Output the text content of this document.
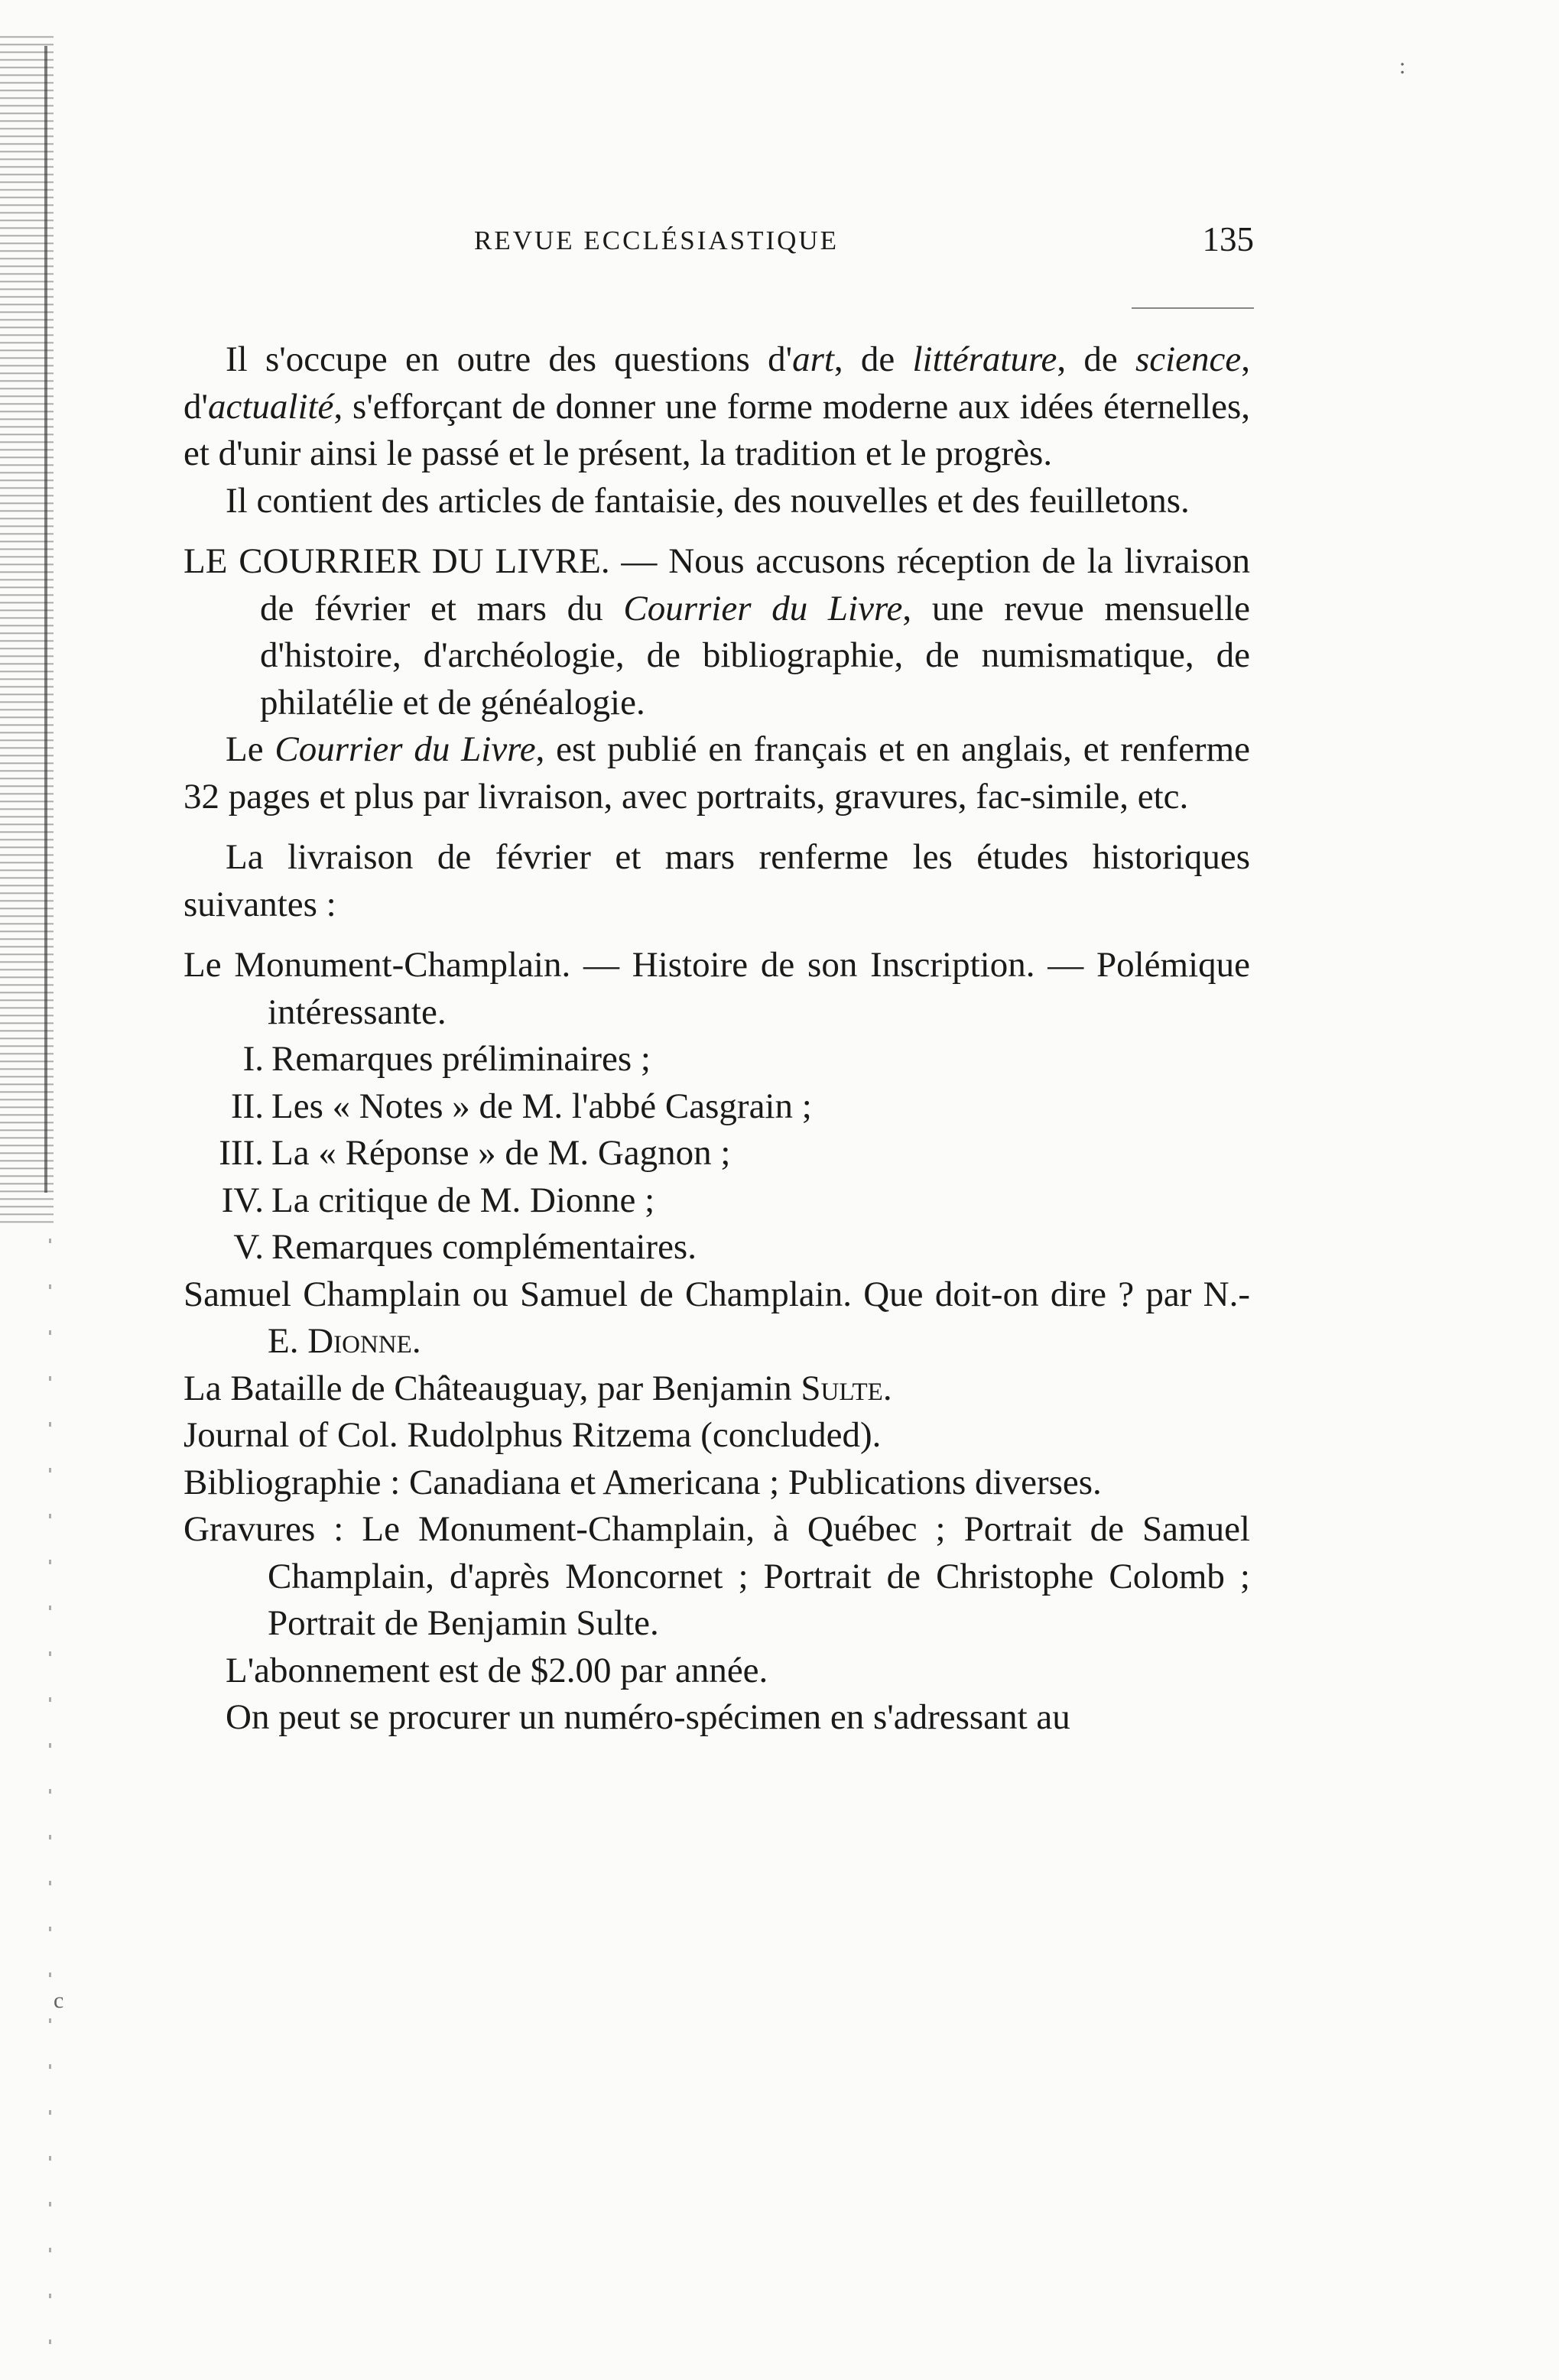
REVUE ECCLÉSIASTIQUE	135

Il s'occupe en outre des questions d'art, de littérature, de science, d'actualité, s'efforçant de donner une forme moderne aux idées éternelles, et d'unir ainsi le passé et le présent, la tradition et le progrès.

Il contient des articles de fantaisie, des nouvelles et des feuilletons.

LE COURRIER DU LIVRE. — Nous accusons réception de la livraison de février et mars du Courrier du Livre, une revue mensuelle d'histoire, d'archéologie, de bibliographie, de numismatique, de philatélie et de généalogie.

Le Courrier du Livre, est publié en français et en anglais, et renferme 32 pages et plus par livraison, avec portraits, gravures, fac-simile, etc.

La livraison de février et mars renferme les études historiques suivantes :

Le Monument-Champlain. — Histoire de son Inscription. — Polémique intéressante.

I. Remarques préliminaires ;
II. Les « Notes » de M. l'abbé Casgrain ;
III. La « Réponse » de M. Gagnon ;
IV. La critique de M. Dionne ;
V. Remarques complémentaires.

Samuel Champlain ou Samuel de Champlain. Que doit-on dire ? par N.-E. Dionne.

La Bataille de Châteauguay, par Benjamin Sulte.

Journal of Col. Rudolphus Ritzema (concluded).

Bibliographie : Canadiana et Americana ; Publications diverses.

Gravures : Le Monument-Champlain, à Québec ; Portrait de Samuel Champlain, d'après Moncornet ; Portrait de Christophe Colomb ; Portrait de Benjamin Sulte.

L'abonnement est de $2.00 par année.

On peut se procurer un numéro-spécimen en s'adressant au

:
c
